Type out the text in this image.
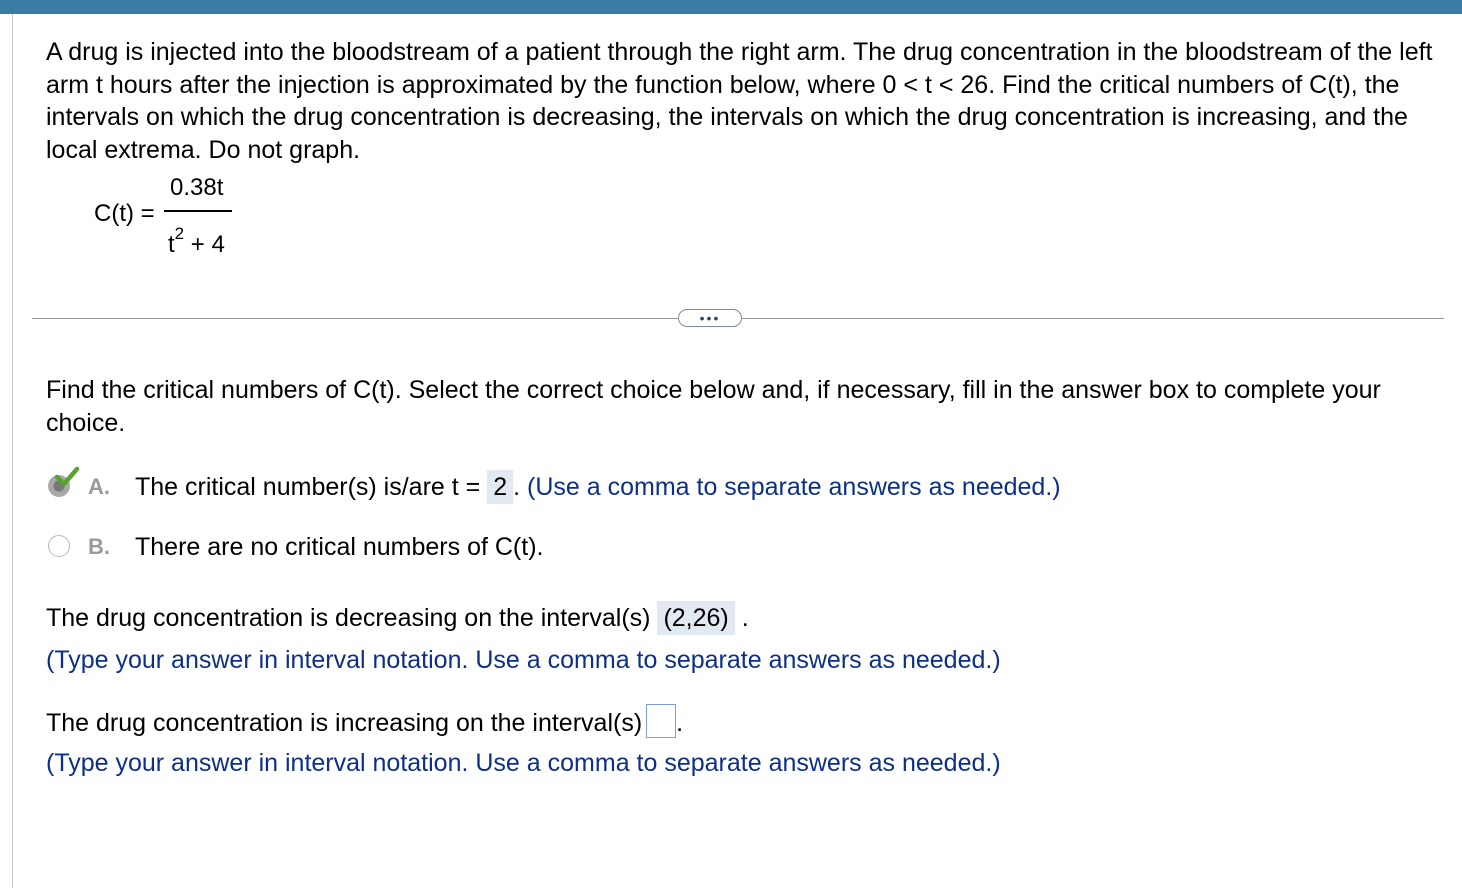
A drug is injected into the bloodstream of a patient through the right arm. The drug concentration in the bloodstream of the left arm t hours after the injection is approximated by the function below, where 0 < t < 26. Find the critical numbers of C(t), the intervals on which the drug concentration is decreasing, the intervals on which the drug concentration is increasing, and the local extrema. Do not graph.
C(t) =
0.38t
$t^2 + 4$
•••
Find the critical numbers of C(t). Select the correct choice below and, if necessary, fill in the answer box to complete your choice.
A. The critical number(s) is/are t = 2 . (Use a comma to separate answers as needed.)
B. There are no critical numbers of C(t).
The drug concentration is decreasing on the interval(s) (2,26) .
(Type your answer in interval notation. Use a comma to separate answers as needed.)
The drug concentration is increasing on the interval(s) .
(Type your answer in interval notation. Use a comma to separate answers as needed.)
